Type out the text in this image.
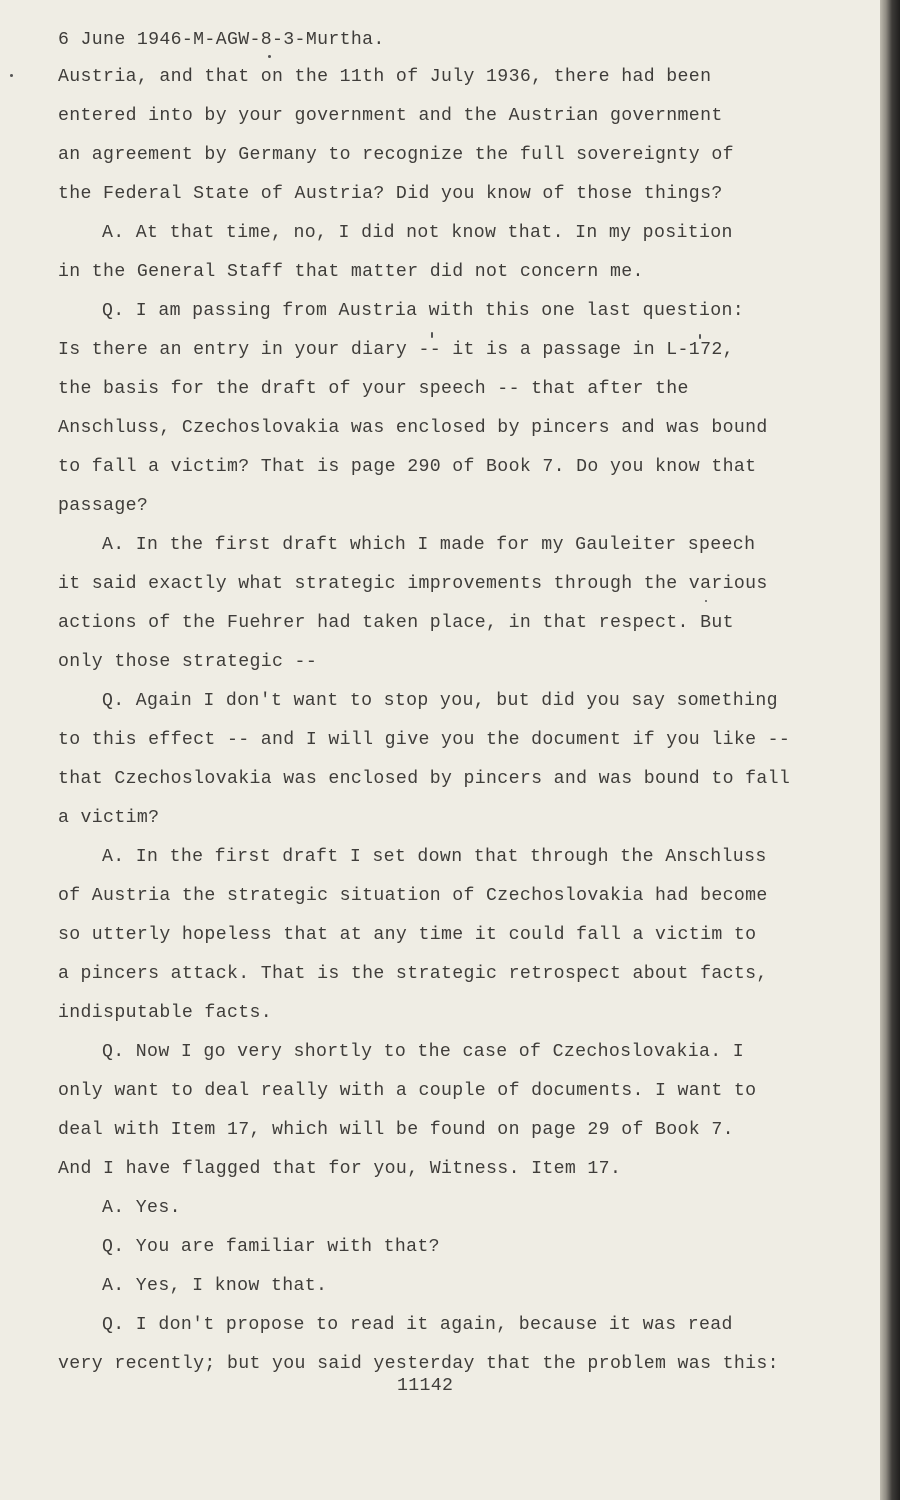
6 June 1946-M-AGW-8-3-Murtha.
Austria, and that on the 11th of July 1936, there had been
entered into by your government and the Austrian government
an agreement by Germany to recognize the full sovereignty of
the Federal State of Austria? Did you know of those things?
A. At that time, no, I did not know that. In my position
in the General Staff that matter did not concern me.
Q. I am passing from Austria with this one last question:
Is there an entry in your diary -- it is a passage in L-172,
the basis for the draft of your speech -- that after the
Anschluss, Czechoslovakia was enclosed by pincers and was bound
to fall a victim? That is page 290 of Book 7. Do you know that
passage?
A. In the first draft which I made for my Gauleiter speech
it said exactly what strategic improvements through the various
actions of the Fuehrer had taken place, in that respect. But
only those strategic --
Q. Again I don't want to stop you, but did you say something
to this effect -- and I will give you the document if you like --
that Czechoslovakia was enclosed by pincers and was bound to fall
a victim?
A. In the first draft I set down that through the Anschluss
of Austria the strategic situation of Czechoslovakia had become
so utterly hopeless that at any time it could fall a victim to
a pincers attack. That is the strategic retrospect about facts,
indisputable facts.
Q. Now I go very shortly to the case of Czechoslovakia. I
only want to deal really with a couple of documents. I want to
deal with Item 17, which will be found on page 29 of Book 7.
And I have flagged that for you, Witness. Item 17.
A. Yes.
Q. You are familiar with that?
A. Yes, I know that.
Q. I don't propose to read it again, because it was read
very recently; but you said yesterday that the problem was this:
11142
